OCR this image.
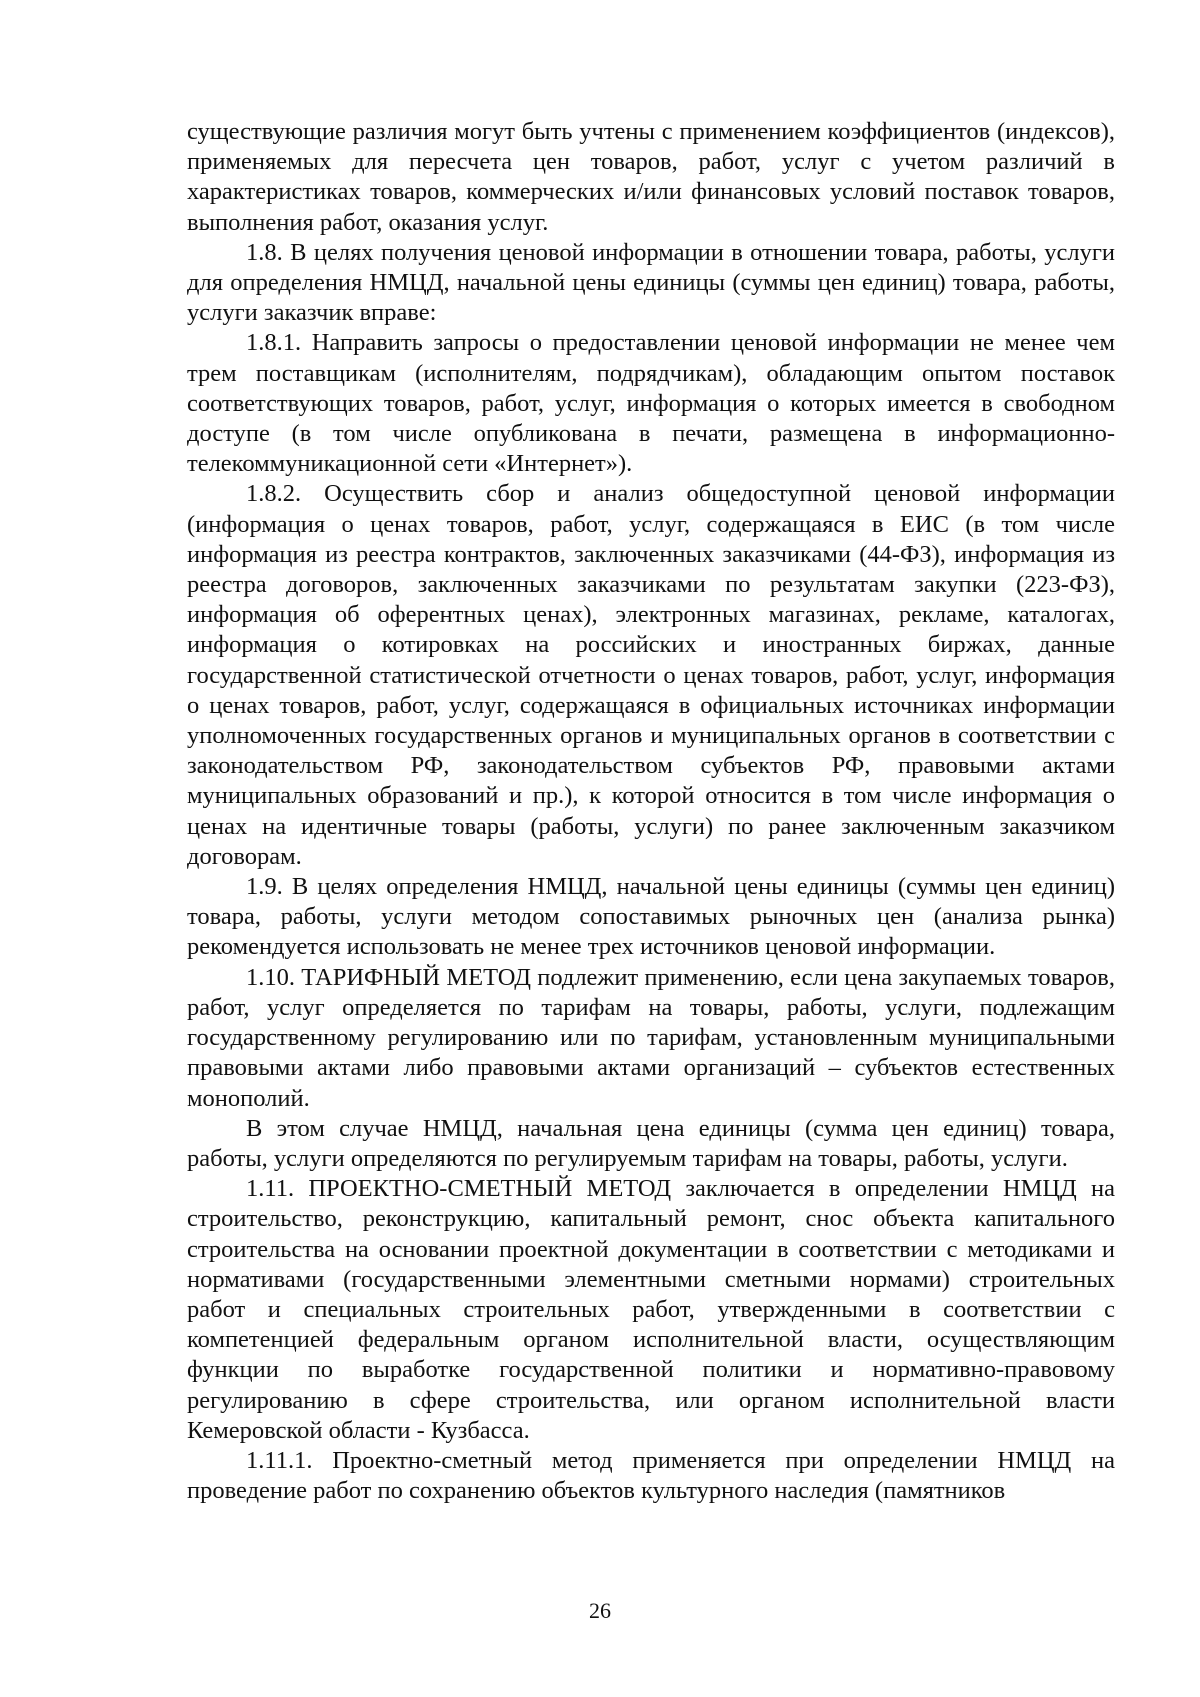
существующие различия могут быть учтены с применением коэффициентов (индексов), применяемых для пересчета цен товаров, работ, услуг с учетом различий в характеристиках товаров, коммерческих и/или финансовых условий поставок товаров, выполнения работ, оказания услуг.

1.8. В целях получения ценовой информации в отношении товара, работы, услуги для определения НМЦД, начальной цены единицы (суммы цен единиц) товара, работы, услуги заказчик вправе:

1.8.1. Направить запросы о предоставлении ценовой информации не менее чем трем поставщикам (исполнителям, подрядчикам), обладающим опытом поставок соответствующих товаров, работ, услуг, информация о которых имеется в свободном доступе (в том числе опубликована в печати, размещена в информационно-телекоммуникационной сети «Интернет»).

1.8.2. Осуществить сбор и анализ общедоступной ценовой информации (информация о ценах товаров, работ, услуг, содержащаяся в ЕИС (в том числе информация из реестра контрактов, заключенных заказчиками (44-ФЗ), информация из реестра договоров, заключенных заказчиками по результатам закупки (223-ФЗ), информация об оферентных ценах), электронных магазинах, рекламе, каталогах, информация о котировках на российских и иностранных биржах, данные государственной статистической отчетности о ценах товаров, работ, услуг, информация о ценах товаров, работ, услуг, содержащаяся в официальных источниках информации уполномоченных государственных органов и муниципальных органов в соответствии с законодательством РФ, законодательством субъектов РФ, правовыми актами муниципальных образований и пр.), к которой относится в том числе информация о ценах на идентичные товары (работы, услуги) по ранее заключенным заказчиком договорам.

1.9. В целях определения НМЦД, начальной цены единицы (суммы цен единиц) товара, работы, услуги методом сопоставимых рыночных цен (анализа рынка) рекомендуется использовать не менее трех источников ценовой информации.

1.10. ТАРИФНЫЙ МЕТОД подлежит применению, если цена закупаемых товаров, работ, услуг определяется по тарифам на товары, работы, услуги, подлежащим государственному регулированию или по тарифам, установленным муниципальными правовыми актами либо правовыми актами организаций – субъектов естественных монополий.

В этом случае НМЦД, начальная цена единицы (сумма цен единиц) товара, работы, услуги определяются по регулируемым тарифам на товары, работы, услуги.

1.11. ПРОЕКТНО-СМЕТНЫЙ МЕТОД заключается в определении НМЦД на строительство, реконструкцию, капитальный ремонт, снос объекта капитального строительства на основании проектной документации в соответствии с методиками и нормативами (государственными элементными сметными нормами) строительных работ и специальных строительных работ, утвержденными в соответствии с компетенцией федеральным органом исполнительной власти, осуществляющим функции по выработке государственной политики и нормативно-правовому регулированию в сфере строительства, или органом исполнительной власти Кемеровской области - Кузбасса.

1.11.1. Проектно-сметный метод применяется при определении НМЦД на проведение работ по сохранению объектов культурного наследия (памятников

26
